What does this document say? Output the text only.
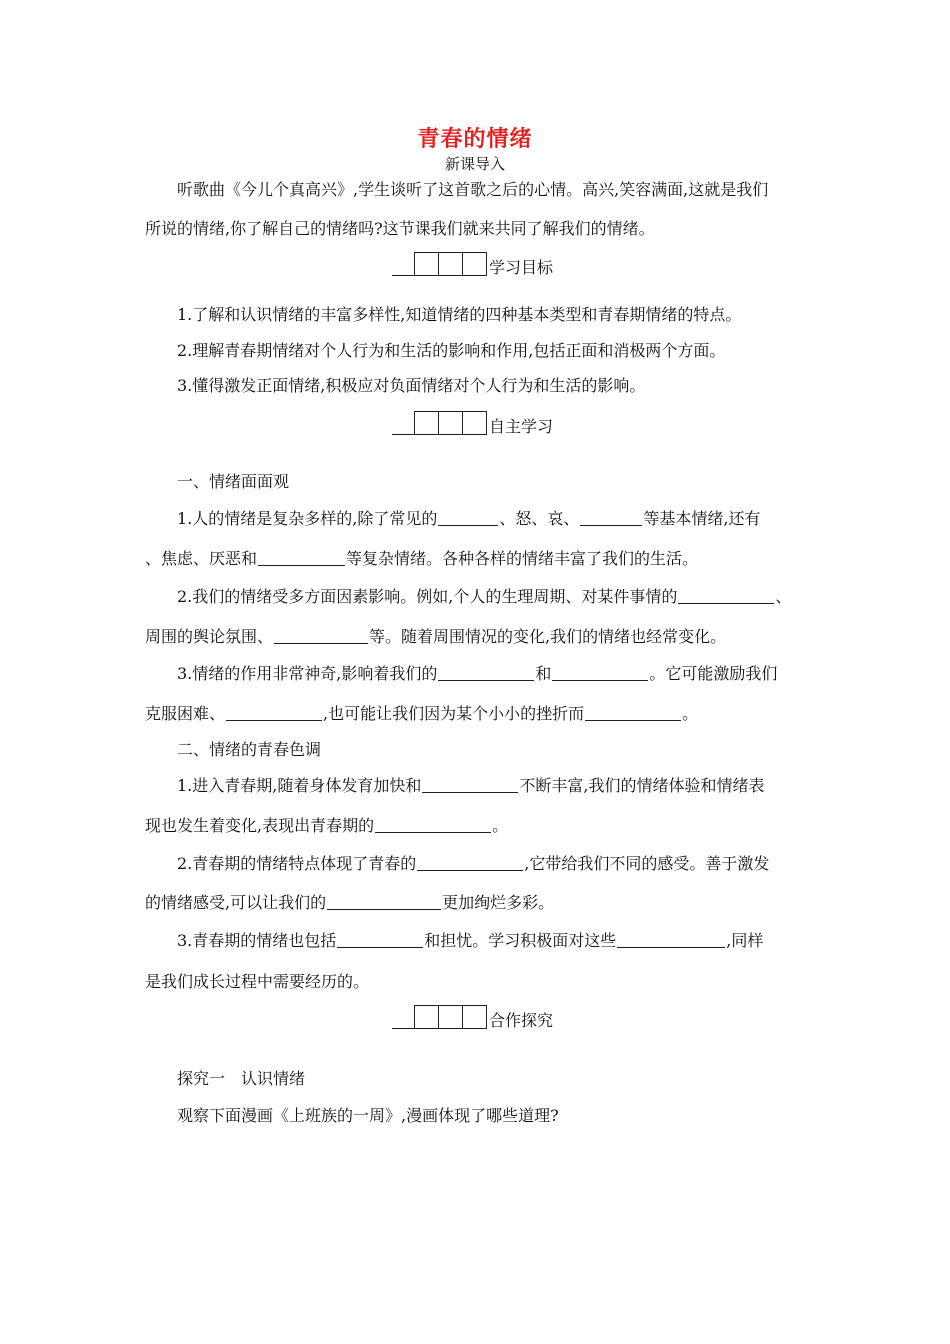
青春的情绪
新课导入
听歌曲《今儿个真高兴》,学生谈听了这首歌之后的心情。高兴,笑容满面,这就是我们
所说的情绪,你了解自己的情绪吗?这节课我们就来共同了解我们的情绪。
学习目标
1.了解和认识情绪的丰富多样性,知道情绪的四种基本类型和青春期情绪的特点。
2.理解青春期情绪对个人行为和生活的影响和作用,包括正面和消极两个方面。
3.懂得激发正面情绪,积极应对负面情绪对个人行为和生活的影响。
自主学习
一、情绪面面观
1.人的情绪是复杂多样的,除了常见的	、怒、哀、	等基本情绪,还有
、焦虑、厌恶和	等复杂情绪。各种各样的情绪丰富了我们的生活。
2.我们的情绪受多方面因素影响。例如,个人的生理周期、对某件事情的	、
周围的舆论氛围、	等。随着周围情况的变化,我们的情绪也经常变化。
3.情绪的作用非常神奇,影响着我们的	和	。它可能激励我们
克服困难、	,也可能让我们因为某个小小的挫折而	。
二、情绪的青春色调
1.进入青春期,随着身体发育加快和	不断丰富,我们的情绪体验和情绪表
现也发生着变化,表现出青春期的	。
2.青春期的情绪特点体现了青春的	,它带给我们不同的感受。善于激发
的情绪感受,可以让我们的	更加绚烂多彩。
3.青春期的情绪也包括	和担忧。学习积极面对这些	,同样
是我们成长过程中需要经历的。
合作探究
探究一　认识情绪
观察下面漫画《上班族的一周》,漫画体现了哪些道理?
